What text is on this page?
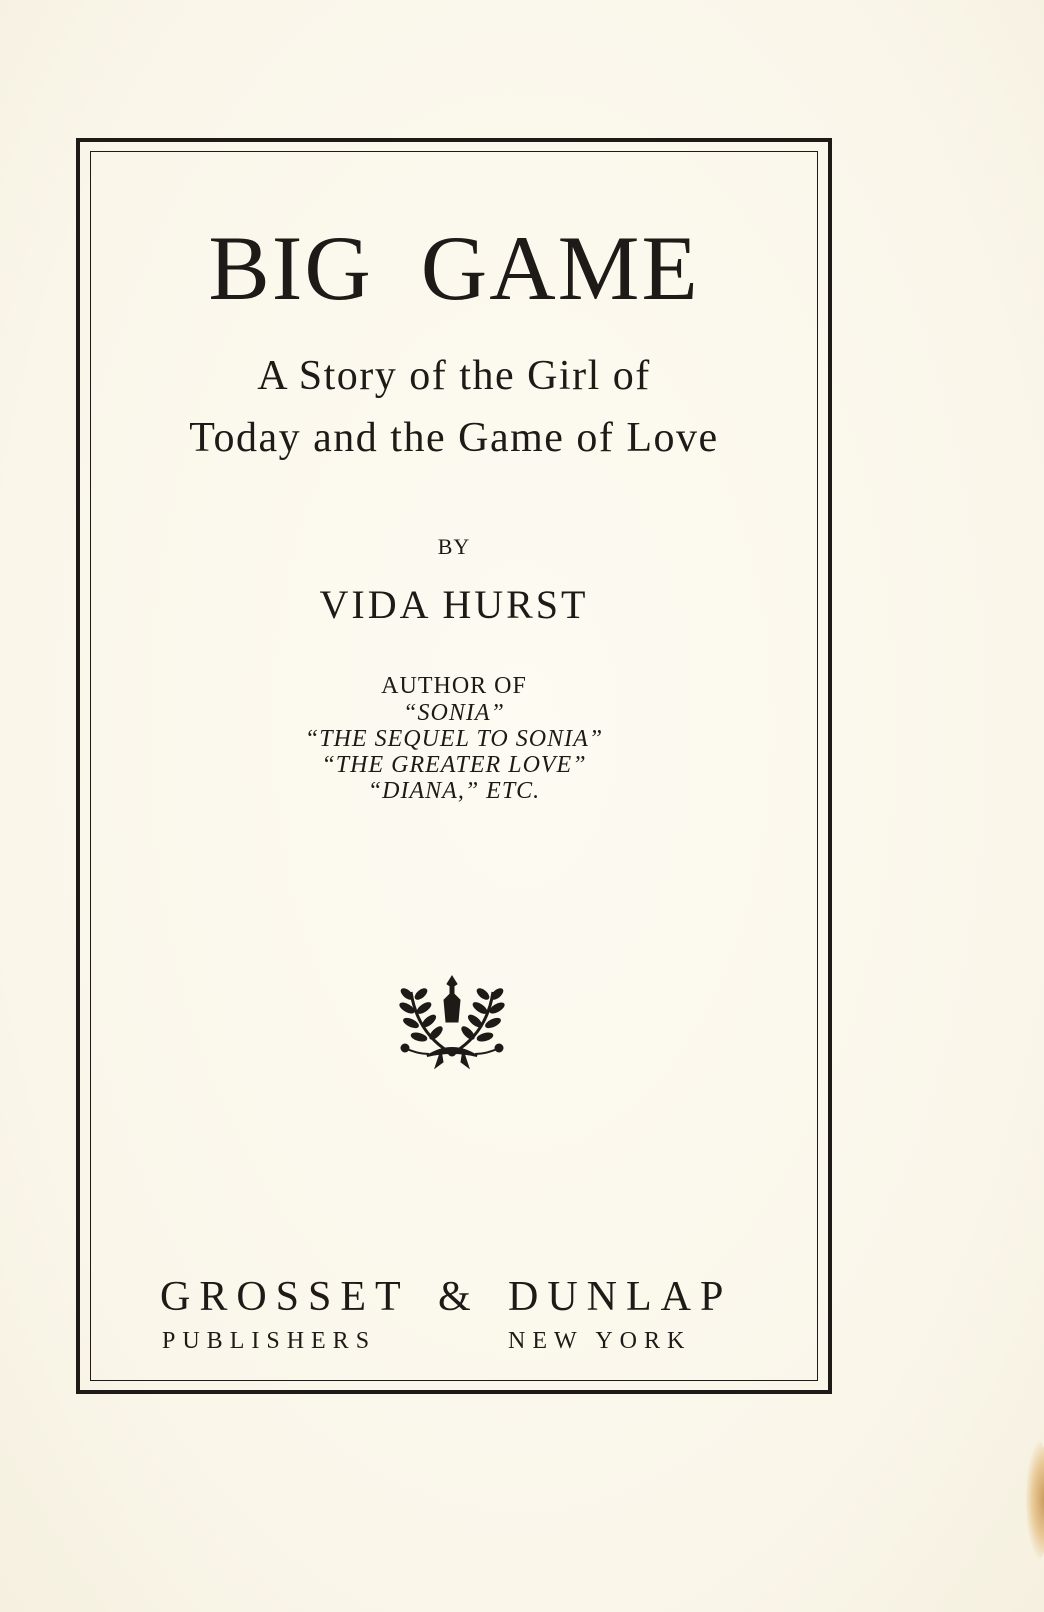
BIG GAME
A Story of the Girl of
Today and the Game of Love
BY
VIDA HURST
AUTHOR OF
“SONIA”
“THE SEQUEL TO SONIA”
“THE GREATER LOVE”
“DIANA,” ETC.
GROSSET & DUNLAP
PUBLISHERS	NEW YORK
